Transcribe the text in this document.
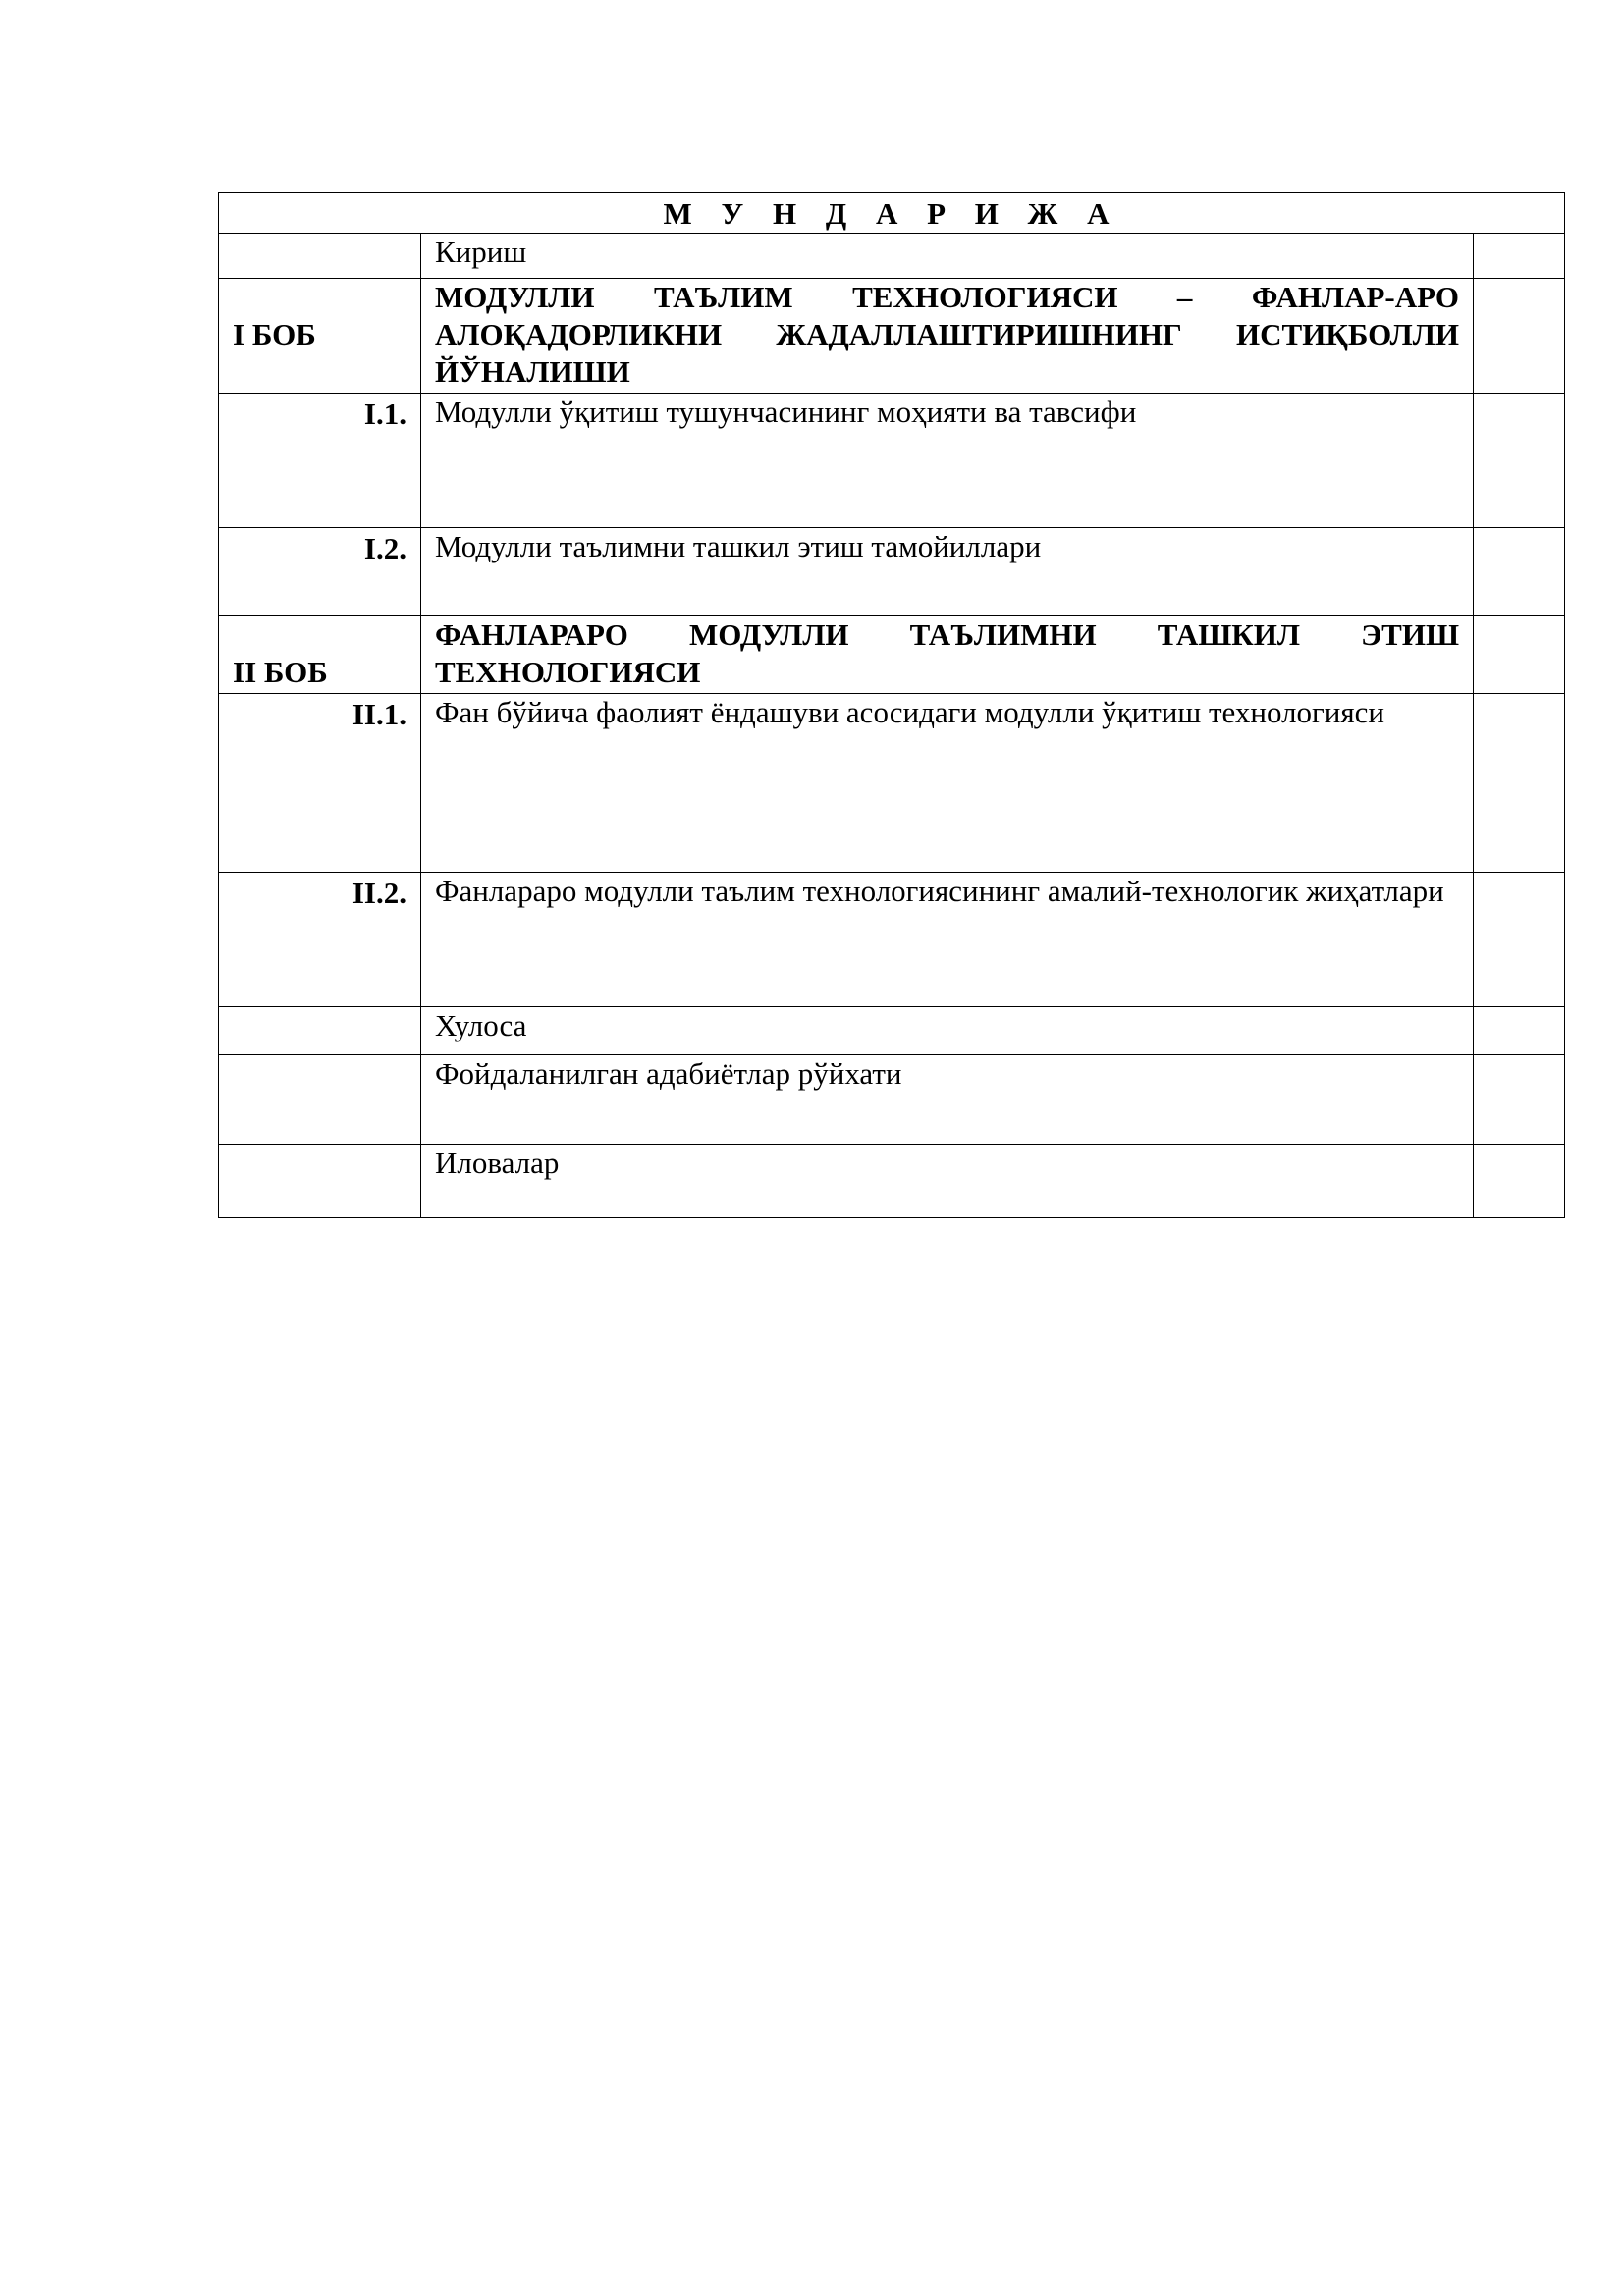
М У Н Д А Р И Ж А		
	Кириш	
I БОБ	МОДУЛЛИ ТАЪЛИМ ТЕХНОЛОГИЯСИ – ФАНЛАР-АРО АЛОҚАДОРЛИКНИ ЖАДАЛЛАШТИРИШНИНГ ИСТИҚБОЛЛИ ЙЎНАЛИШИ	
I.1.	Модулли ўқитиш тушунчасининг моҳияти ва тавсифи	
I.2.	Модулли таълимни ташкил этиш тамойиллари	
II БОБ	ФАНЛАРАРО МОДУЛЛИ ТАЪЛИМНИ ТАШКИЛ ЭТИШ ТЕХНОЛОГИЯСИ	
II.1.	Фан бўйича фаолият ёндашуви асосидаги модулли ўқитиш технологияси	
II.2.	Фанлараро модулли таълим технологиясининг амалий-технологик жиҳатлари	
	Хулоса	
	Фойдаланилган адабиётлар рўйхати	
	Иловалар	
